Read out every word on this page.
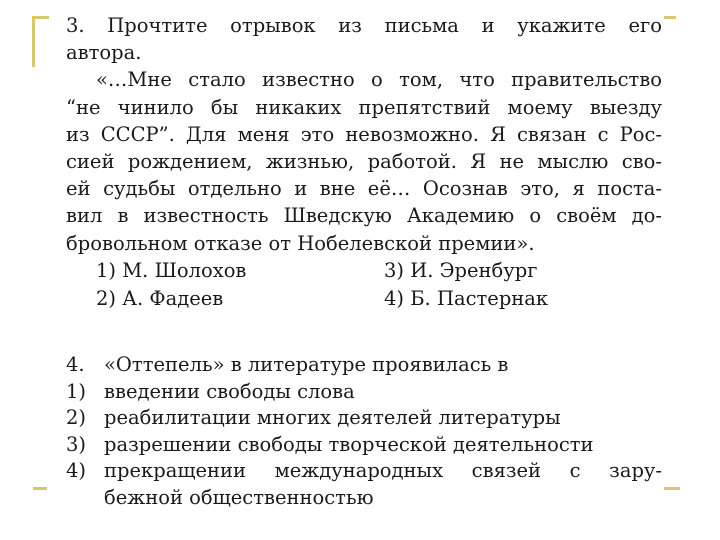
3. Прочтите отрывок из письма и укажите его
автора.
«…Мне стало известно о том, что правительство
“не чинило бы никаких препятствий моему выезду
из СССР”. Для меня это невозможно. Я связан с Рос-
сией рождением, жизнью, работой. Я не мыслю сво-
ей судьбы отдельно и вне её… Осознав это, я поста-
вил в известность Шведскую Академию о своём до-
бровольном отказе от Нобелевской премии».
1) М. Шолохов	3) И. Эренбург
2) А. Фадеев	4) Б. Пастернак
4. «Оттепель» в литературе проявилась в
1) введении свободы слова
2) реабилитации многих деятелей литературы
3) разрешении свободы творческой деятельности
4) прекращении международных связей с зару-
бежной общественностью
